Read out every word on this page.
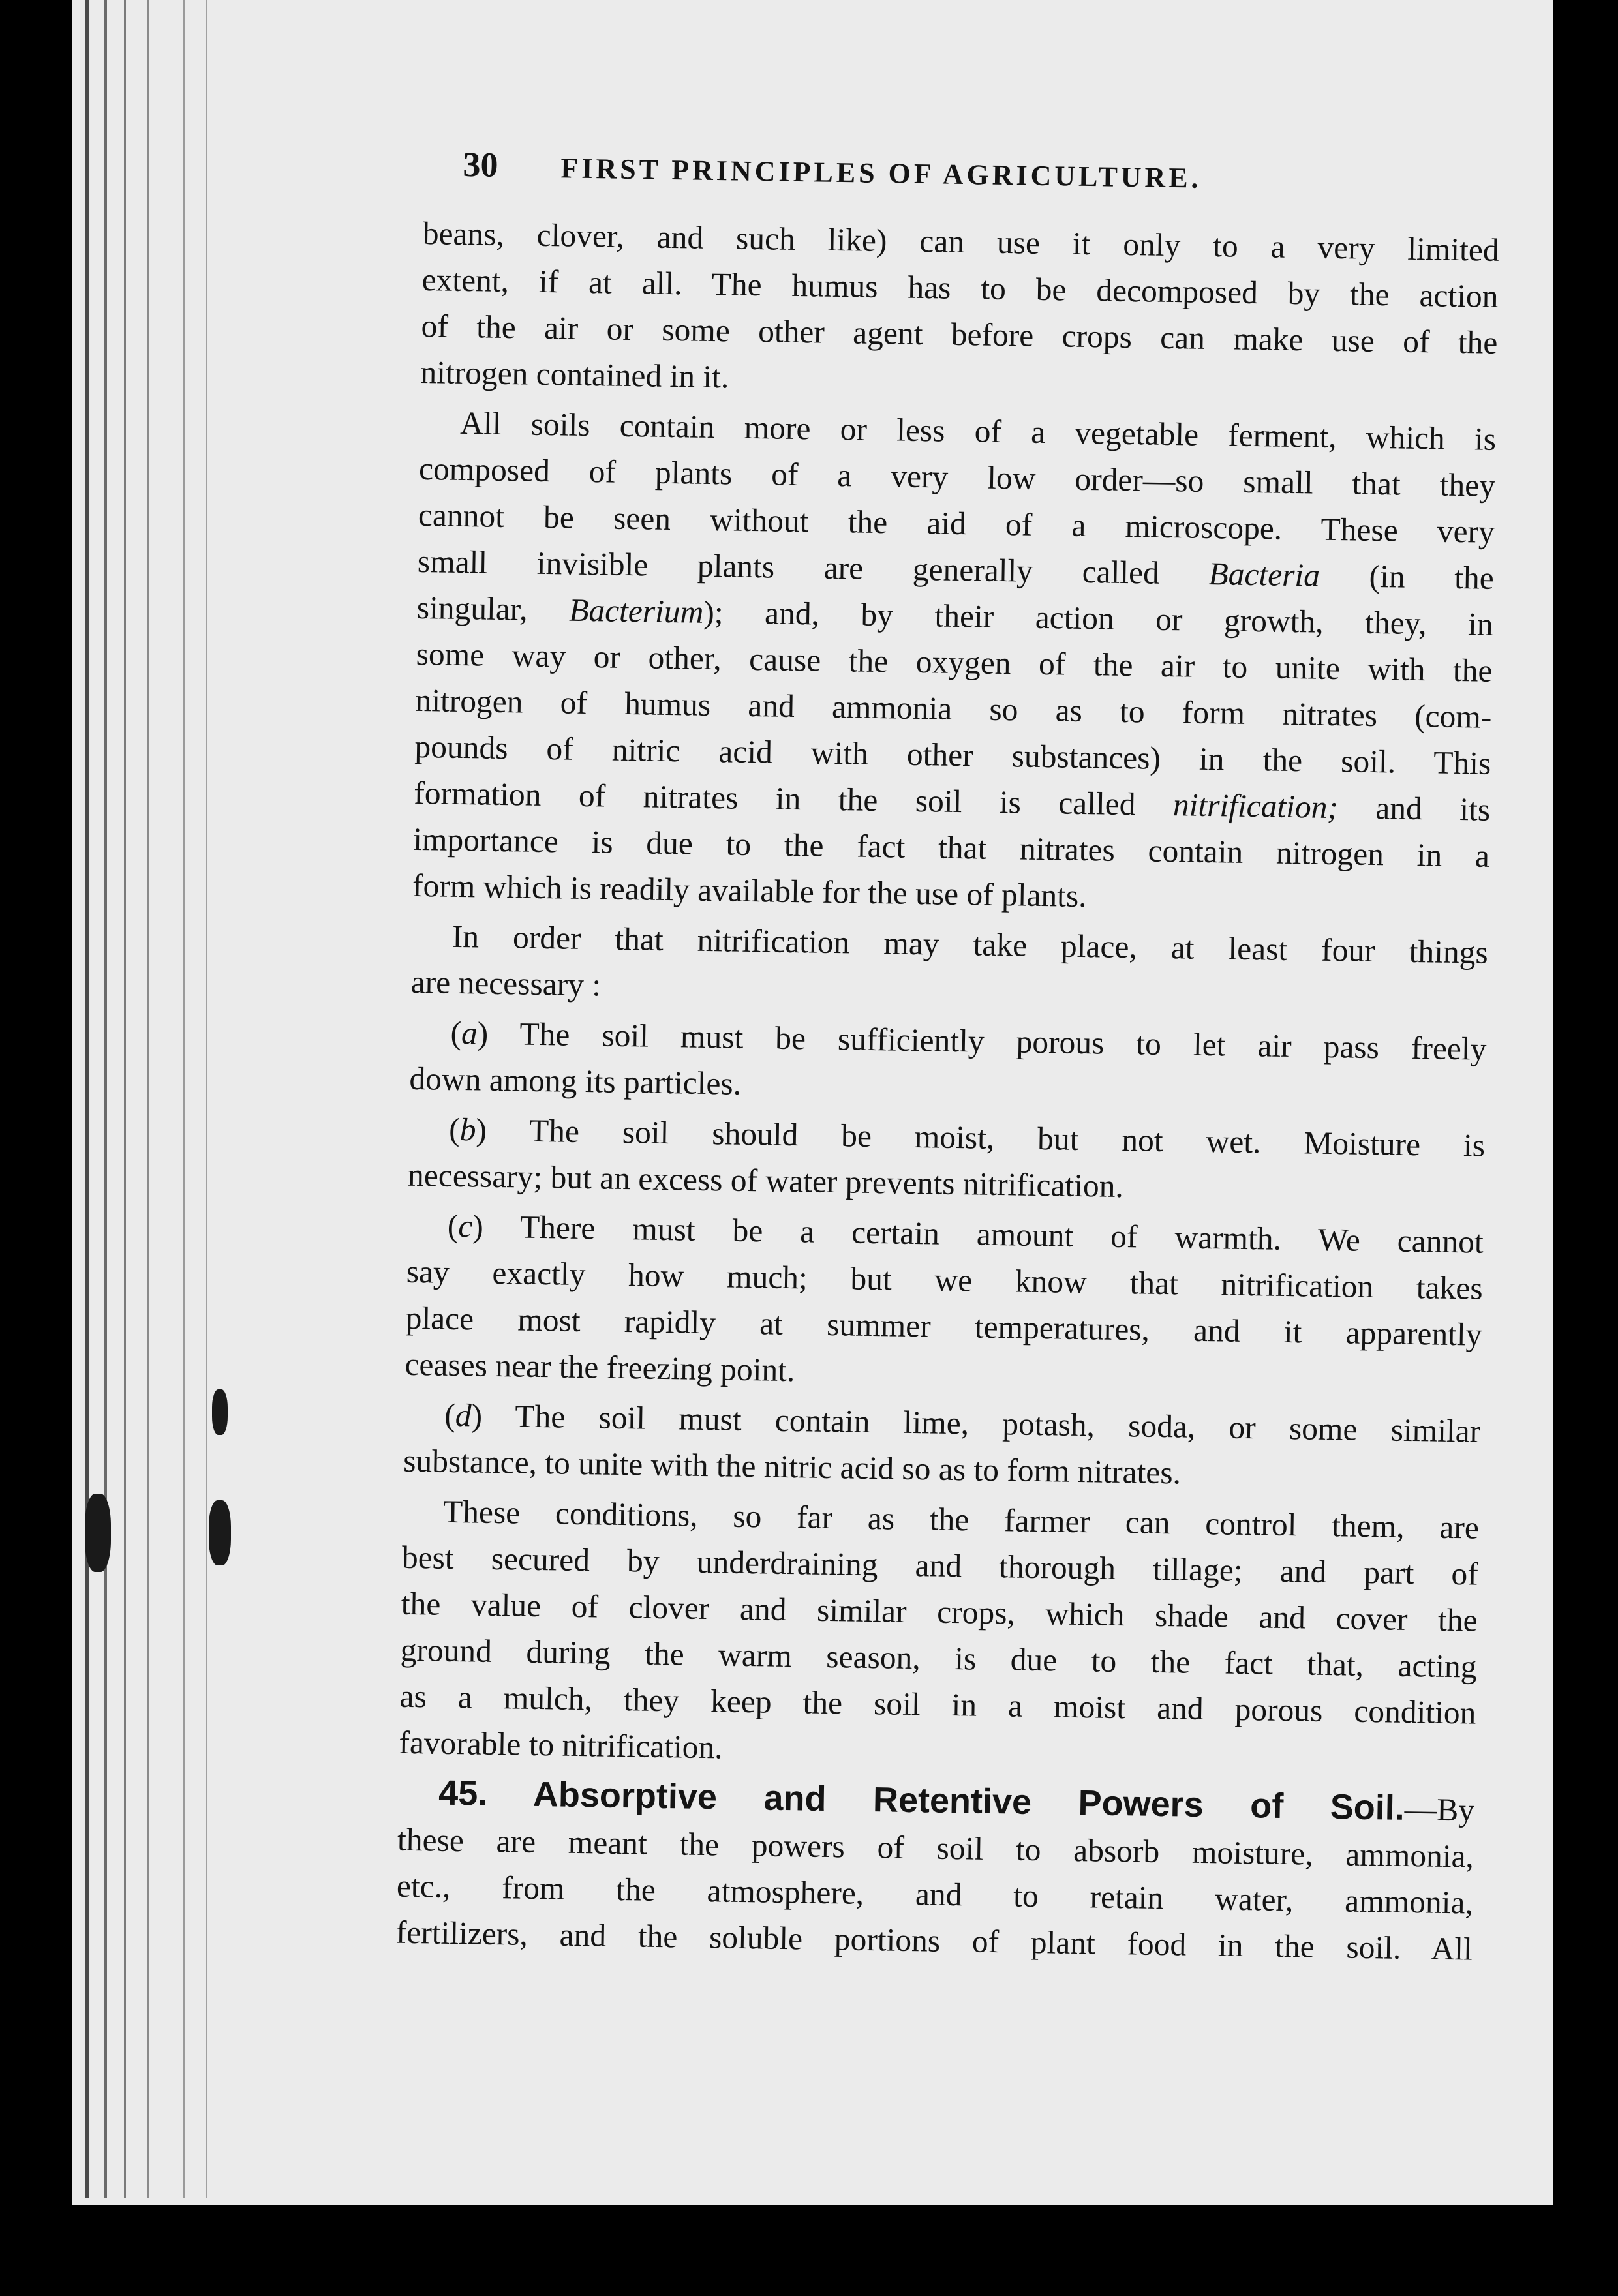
30	FIRST PRINCIPLES OF AGRICULTURE.

beans, clover, and such like) can use it only to a very limited

extent, if at all. The humus has to be decomposed by the action

of the air or some other agent before crops can make use of the

nitrogen contained in it.

All soils contain more or less of a vegetable ferment, which is

composed of plants of a very low order—so small that they

cannot be seen without the aid of a microscope. These very

small invisible plants are generally called Bacteria (in the

singular, Bacterium); and, by their action or growth, they, in

some way or other, cause the oxygen of the air to unite with the

nitrogen of humus and ammonia so as to form nitrates (com-

pounds of nitric acid with other substances) in the soil. This

formation of nitrates in the soil is called nitrification; and its

importance is due to the fact that nitrates contain nitrogen in a

form which is readily available for the use of plants.

In order that nitrification may take place, at least four things

are necessary :

(a) The soil must be sufficiently porous to let air pass freely

down among its particles.

(b) The soil should be moist, but not wet. Moisture is

necessary; but an excess of water prevents nitrification.

(c) There must be a certain amount of warmth. We cannot

say exactly how much; but we know that nitrification takes

place most rapidly at summer temperatures, and it apparently

ceases near the freezing point.

(d) The soil must contain lime, potash, soda, or some similar

substance, to unite with the nitric acid so as to form nitrates.

These conditions, so far as the farmer can control them, are

best secured by underdraining and thorough tillage; and part of

the value of clover and similar crops, which shade and cover the

ground during the warm season, is due to the fact that, acting

as a mulch, they keep the soil in a moist and porous condition

favorable to nitrification.

45. Absorptive and Retentive Powers of Soil.—By

these are meant the powers of soil to absorb moisture, ammonia,

etc., from the atmosphere, and to retain water, ammonia,

fertilizers, and the soluble portions of plant food in the soil. All
